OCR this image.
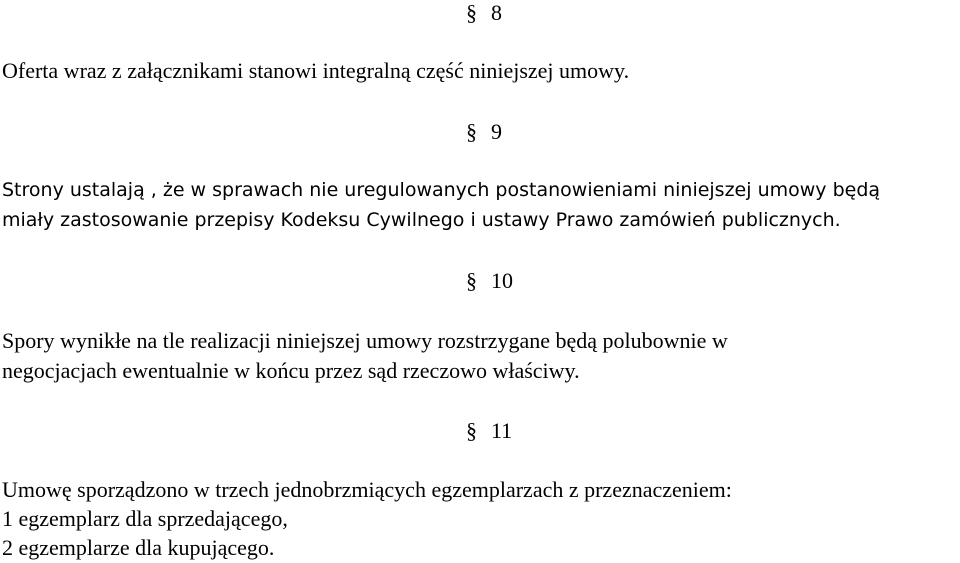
§ 8
Oferta wraz z załącznikami stanowi integralną część niniejszej umowy.
§ 9
Strony ustalają , że w sprawach nie uregulowanych postanowieniami niniejszej umowy będą
miały zastosowanie przepisy Kodeksu Cywilnego i ustawy Prawo zamówień publicznych.
§ 10
Spory wynikłe na tle realizacji niniejszej umowy rozstrzygane będą polubownie w
negocjacjach ewentualnie w końcu przez sąd rzeczowo właściwy.
§ 11
Umowę sporządzono w trzech jednobrzmiących egzemplarzach z przeznaczeniem:
1 egzemplarz dla sprzedającego,
2 egzemplarze dla kupującego.
